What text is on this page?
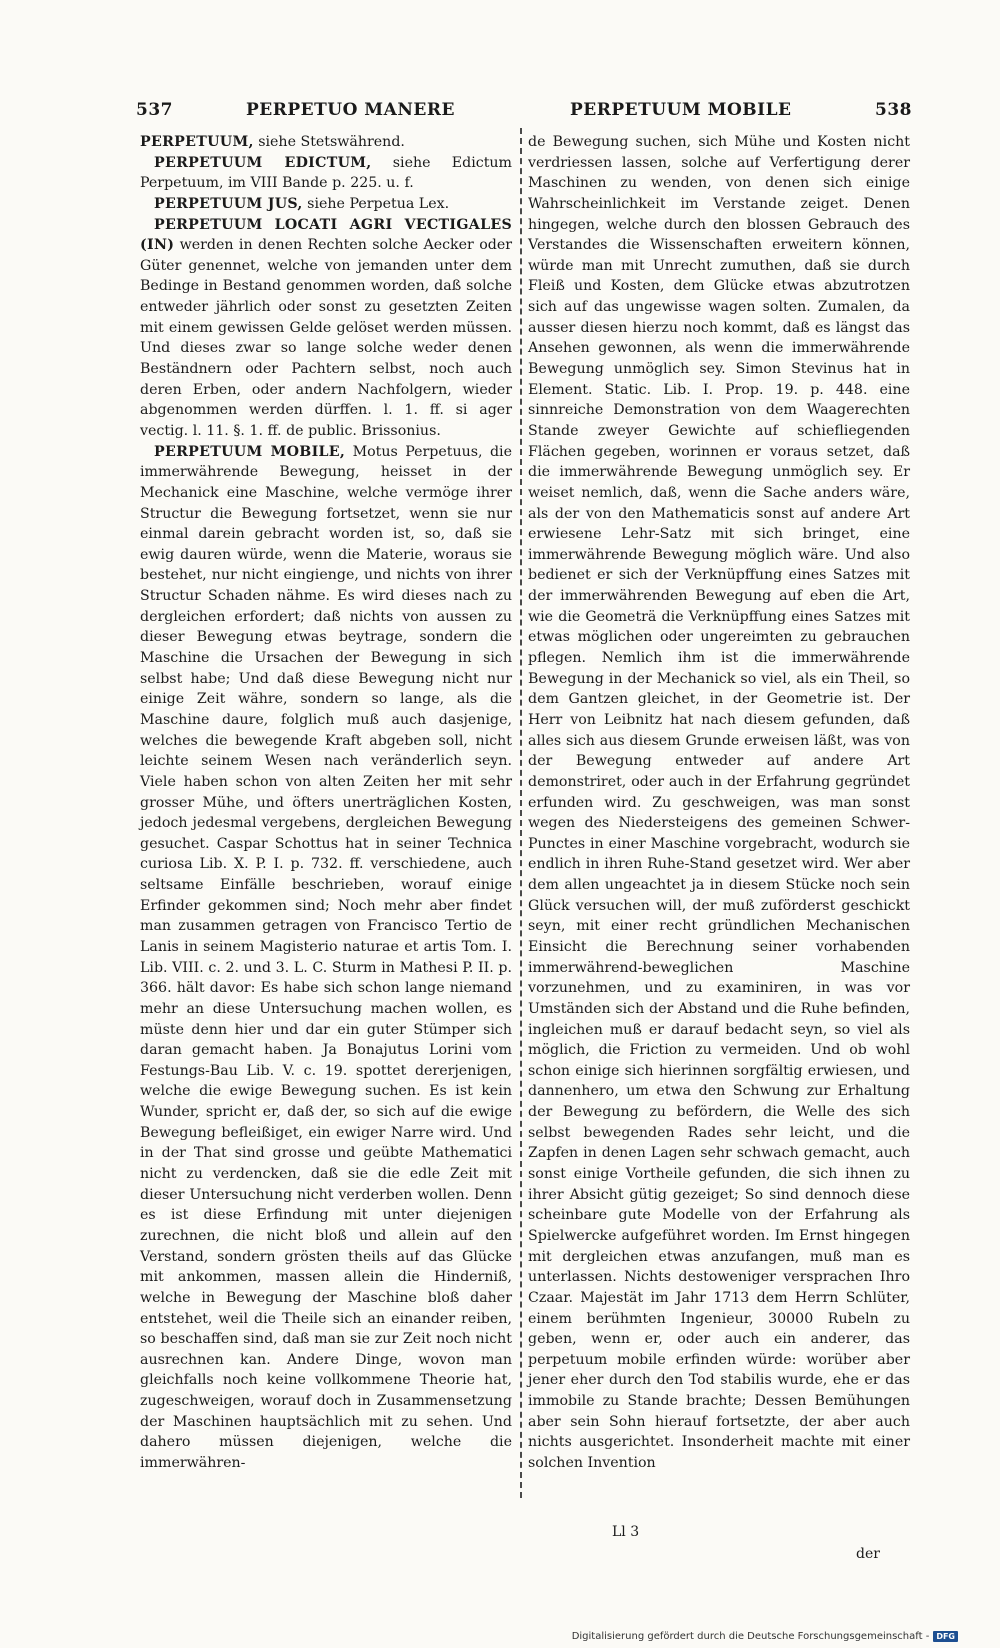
537	PERPETUO MANERE	PERPETUUM MOBILE	538

PERPETUUM, siehe Stetswährend.

PERPETUUM EDICTUM, siehe Edictum Perpetuum, im VIII Bande p. 225. u. f.

PERPETUUM JUS, siehe Perpetua Lex.

PERPETUUM LOCATI AGRI VECTIGALES (IN) werden in denen Rechten solche Aecker oder Güter genennet, welche von jemanden unter dem Bedinge in Bestand genommen worden, daß solche entweder jährlich oder sonst zu gesetzten Zeiten mit einem gewissen Gelde gelöset werden müssen. Und dieses zwar so lange solche weder denen Beständnern oder Pachtern selbst, noch auch deren Erben, oder andern Nachfolgern, wieder abgenommen werden dürffen. l. 1. ff. si ager vectig. l. 11. §. 1. ff. de public. Brissonius.

PERPETUUM MOBILE, Motus Perpetuus, die immerwährende Bewegung, heisset in der Mechanick eine Maschine, welche vermöge ihrer Structur die Bewegung fortsetzet, wenn sie nur einmal darein gebracht worden ist, so, daß sie ewig dauren würde, wenn die Materie, woraus sie bestehet, nur nicht eingienge, und nichts von ihrer Structur Schaden nähme. Es wird dieses nach zu dergleichen erfordert; daß nichts von aussen zu dieser Bewegung etwas beytrage, sondern die Maschine die Ursachen der Bewegung in sich selbst habe; Und daß diese Bewegung nicht nur einige Zeit währe, sondern so lange, als die Maschine daure, folglich muß auch dasjenige, welches die bewegende Kraft abgeben soll, nicht leichte seinem Wesen nach veränderlich seyn. Viele haben schon von alten Zeiten her mit sehr grosser Mühe, und öfters unerträglichen Kosten, jedoch jedesmal vergebens, dergleichen Bewegung gesuchet. Caspar Schottus hat in seiner Technica curiosa Lib. X. P. I. p. 732. ff. verschiedene, auch seltsame Einfälle beschrieben, worauf einige Erfinder gekommen sind; Noch mehr aber findet man zusammen getragen von Francisco Tertio de Lanis in seinem Magisterio naturae et artis Tom. I. Lib. VIII. c. 2. und 3. L. C. Sturm in Mathesi P. II. p. 366. hält davor: Es habe sich schon lange niemand mehr an diese Untersuchung machen wollen, es müste denn hier und dar ein guter Stümper sich daran gemacht haben. Ja Bonajutus Lorini vom Festungs-Bau Lib. V. c. 19. spottet dererjenigen, welche die ewige Bewegung suchen. Es ist kein Wunder, spricht er, daß der, so sich auf die ewige Bewegung befleißiget, ein ewiger Narre wird. Und in der That sind grosse und geübte Mathematici nicht zu verdencken, daß sie die edle Zeit mit dieser Untersuchung nicht verderben wollen. Denn es ist diese Erfindung mit unter diejenigen zurechnen, die nicht bloß und allein auf den Verstand, sondern grösten theils auf das Glücke mit ankommen, massen allein die Hinderniß, welche in Bewegung der Maschine bloß daher entstehet, weil die Theile sich an einander reiben, so beschaffen sind, daß man sie zur Zeit noch nicht ausrechnen kan. Andere Dinge, wovon man gleichfalls noch keine vollkommene Theorie hat, zugeschweigen, worauf doch in Zusammensetzung der Maschinen hauptsächlich mit zu sehen. Und dahero müssen diejenigen, welche die immerwähren-

de Bewegung suchen, sich Mühe und Kosten nicht verdriessen lassen, solche auf Verfertigung derer Maschinen zu wenden, von denen sich einige Wahrscheinlichkeit im Verstande zeiget. Denen hingegen, welche durch den blossen Gebrauch des Verstandes die Wissenschaften erweitern können, würde man mit Unrecht zumuthen, daß sie durch Fleiß und Kosten, dem Glücke etwas abzutrotzen sich auf das ungewisse wagen solten. Zumalen, da ausser diesen hierzu noch kommt, daß es längst das Ansehen gewonnen, als wenn die immerwährende Bewegung unmöglich sey. Simon Stevinus hat in Element. Static. Lib. I. Prop. 19. p. 448. eine sinnreiche Demonstration von dem Waagerechten Stande zweyer Gewichte auf schiefliegenden Flächen gegeben, worinnen er voraus setzet, daß die immerwährende Bewegung unmöglich sey. Er weiset nemlich, daß, wenn die Sache anders wäre, als der von den Mathematicis sonst auf andere Art erwiesene Lehr-Satz mit sich bringet, eine immerwährende Bewegung möglich wäre. Und also bedienet er sich der Verknüpffung eines Satzes mit der immerwährenden Bewegung auf eben die Art, wie die Geometrä die Verknüpffung eines Satzes mit etwas möglichen oder ungereimten zu gebrauchen pflegen. Nemlich ihm ist die immerwährende Bewegung in der Mechanick so viel, als ein Theil, so dem Gantzen gleichet, in der Geometrie ist. Der Herr von Leibnitz hat nach diesem gefunden, daß alles sich aus diesem Grunde erweisen läßt, was von der Bewegung entweder auf andere Art demonstriret, oder auch in der Erfahrung gegründet erfunden wird. Zu geschweigen, was man sonst wegen des Niedersteigens des gemeinen Schwer-Punctes in einer Maschine vorgebracht, wodurch sie endlich in ihren Ruhe-Stand gesetzet wird. Wer aber dem allen ungeachtet ja in diesem Stücke noch sein Glück versuchen will, der muß zuförderst geschickt seyn, mit einer recht gründlichen Mechanischen Einsicht die Berechnung seiner vorhabenden immerwährend-beweglichen Maschine vorzunehmen, und zu examiniren, in was vor Umständen sich der Abstand und die Ruhe befinden, ingleichen muß er darauf bedacht seyn, so viel als möglich, die Friction zu vermeiden. Und ob wohl schon einige sich hierinnen sorgfältig erwiesen, und dannenhero, um etwa den Schwung zur Erhaltung der Bewegung zu befördern, die Welle des sich selbst bewegenden Rades sehr leicht, und die Zapfen in denen Lagen sehr schwach gemacht, auch sonst einige Vortheile gefunden, die sich ihnen zu ihrer Absicht gütig gezeiget; So sind dennoch diese scheinbare gute Modelle von der Erfahrung als Spielwercke aufgeführet worden. Im Ernst hingegen mit dergleichen etwas anzufangen, muß man es unterlassen. Nichts destoweniger versprachen Ihro Czaar. Majestät im Jahr 1713 dem Herrn Schlüter, einem berühmten Ingenieur, 30000 Rubeln zu geben, wenn er, oder auch ein anderer, das perpetuum mobile erfinden würde: worüber aber jener eher durch den Tod stabilis wurde, ehe er das immobile zu Stande brachte; Dessen Bemühungen aber sein Sohn hierauf fortsetzte, der aber auch nichts ausgerichtet. Insonderheit machte mit einer solchen Invention

Ll 3
der
Digitalisierung gefördert durch die Deutsche Forschungsgemeinschaft - DFG
